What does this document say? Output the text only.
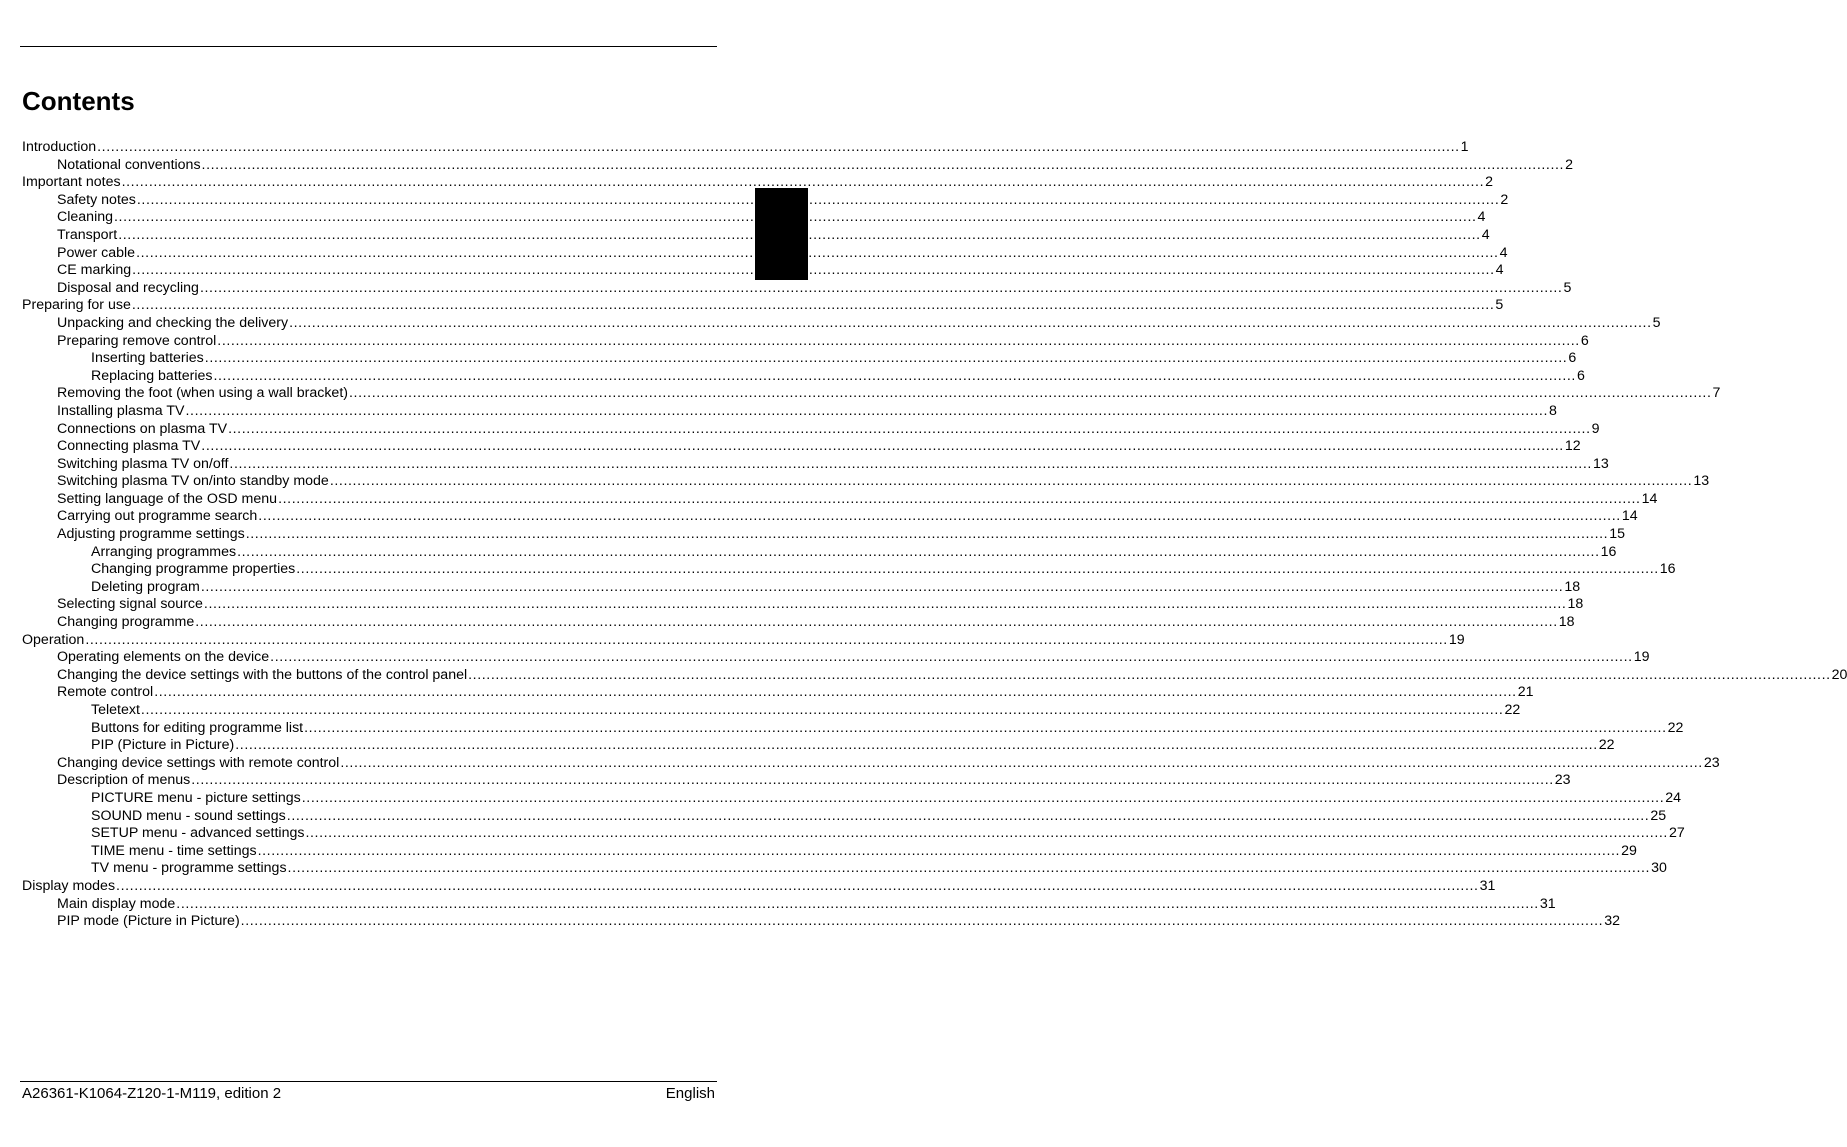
Contents
Introduction ............................................................................................................................................................................................................................................................................................................ 1
Notational conventions ............................................................................................................................................................................................................................................................................................................ 2
Important notes ............................................................................................................................................................................................................................................................................................................ 2
Safety notes ............................................................................................................................................................................................................................................................................................................ 2
Cleaning ............................................................................................................................................................................................................................................................................................................ 4
Transport ............................................................................................................................................................................................................................................................................................................ 4
Power cable ............................................................................................................................................................................................................................................................................................................ 4
CE marking ............................................................................................................................................................................................................................................................................................................ 4
Disposal and recycling ............................................................................................................................................................................................................................................................................................................ 5
Preparing for use ............................................................................................................................................................................................................................................................................................................ 5
Unpacking and checking the delivery ............................................................................................................................................................................................................................................................................................................ 5
Preparing remove control ............................................................................................................................................................................................................................................................................................................ 6
Inserting batteries ............................................................................................................................................................................................................................................................................................................ 6
Replacing batteries ............................................................................................................................................................................................................................................................................................................ 6
Removing the foot (when using a wall bracket) ............................................................................................................................................................................................................................................................................................................ 7
Installing plasma TV ............................................................................................................................................................................................................................................................................................................ 8
Connections on plasma TV ............................................................................................................................................................................................................................................................................................................ 9
Connecting plasma TV ............................................................................................................................................................................................................................................................................................................ 12
Switching plasma TV on/off ............................................................................................................................................................................................................................................................................................................ 13
Switching plasma TV on/into standby mode ............................................................................................................................................................................................................................................................................................................ 13
Setting language of the OSD menu ............................................................................................................................................................................................................................................................................................................ 14
Carrying out programme search ............................................................................................................................................................................................................................................................................................................ 14
Adjusting programme settings ............................................................................................................................................................................................................................................................................................................ 15
Arranging programmes ............................................................................................................................................................................................................................................................................................................ 16
Changing programme properties ............................................................................................................................................................................................................................................................................................................ 16
Deleting program ............................................................................................................................................................................................................................................................................................................ 18
Selecting signal source ............................................................................................................................................................................................................................................................................................................ 18
Changing programme ............................................................................................................................................................................................................................................................................................................ 18
Operation ............................................................................................................................................................................................................................................................................................................ 19
Operating elements on the device ............................................................................................................................................................................................................................................................................................................ 19
Changing the device settings with the buttons of the control panel ............................................................................................................................................................................................................................................................................................................ 20
Remote control ............................................................................................................................................................................................................................................................................................................ 21
Teletext ............................................................................................................................................................................................................................................................................................................ 22
Buttons for editing programme list ............................................................................................................................................................................................................................................................................................................ 22
PIP (Picture in Picture) ............................................................................................................................................................................................................................................................................................................ 22
Changing device settings with remote control ............................................................................................................................................................................................................................................................................................................ 23
Description of menus ............................................................................................................................................................................................................................................................................................................ 23
PICTURE menu - picture settings ............................................................................................................................................................................................................................................................................................................ 24
SOUND menu - sound settings ............................................................................................................................................................................................................................................................................................................ 25
SETUP menu - advanced settings ............................................................................................................................................................................................................................................................................................................ 27
TIME menu - time settings ............................................................................................................................................................................................................................................................................................................ 29
TV menu - programme settings ............................................................................................................................................................................................................................................................................................................ 30
Display modes ............................................................................................................................................................................................................................................................................................................ 31
Main display mode ............................................................................................................................................................................................................................................................................................................ 31
PIP mode (Picture in Picture) ............................................................................................................................................................................................................................................................................................................ 32
A26361-K1064-Z120-1-M119, edition 2	English
